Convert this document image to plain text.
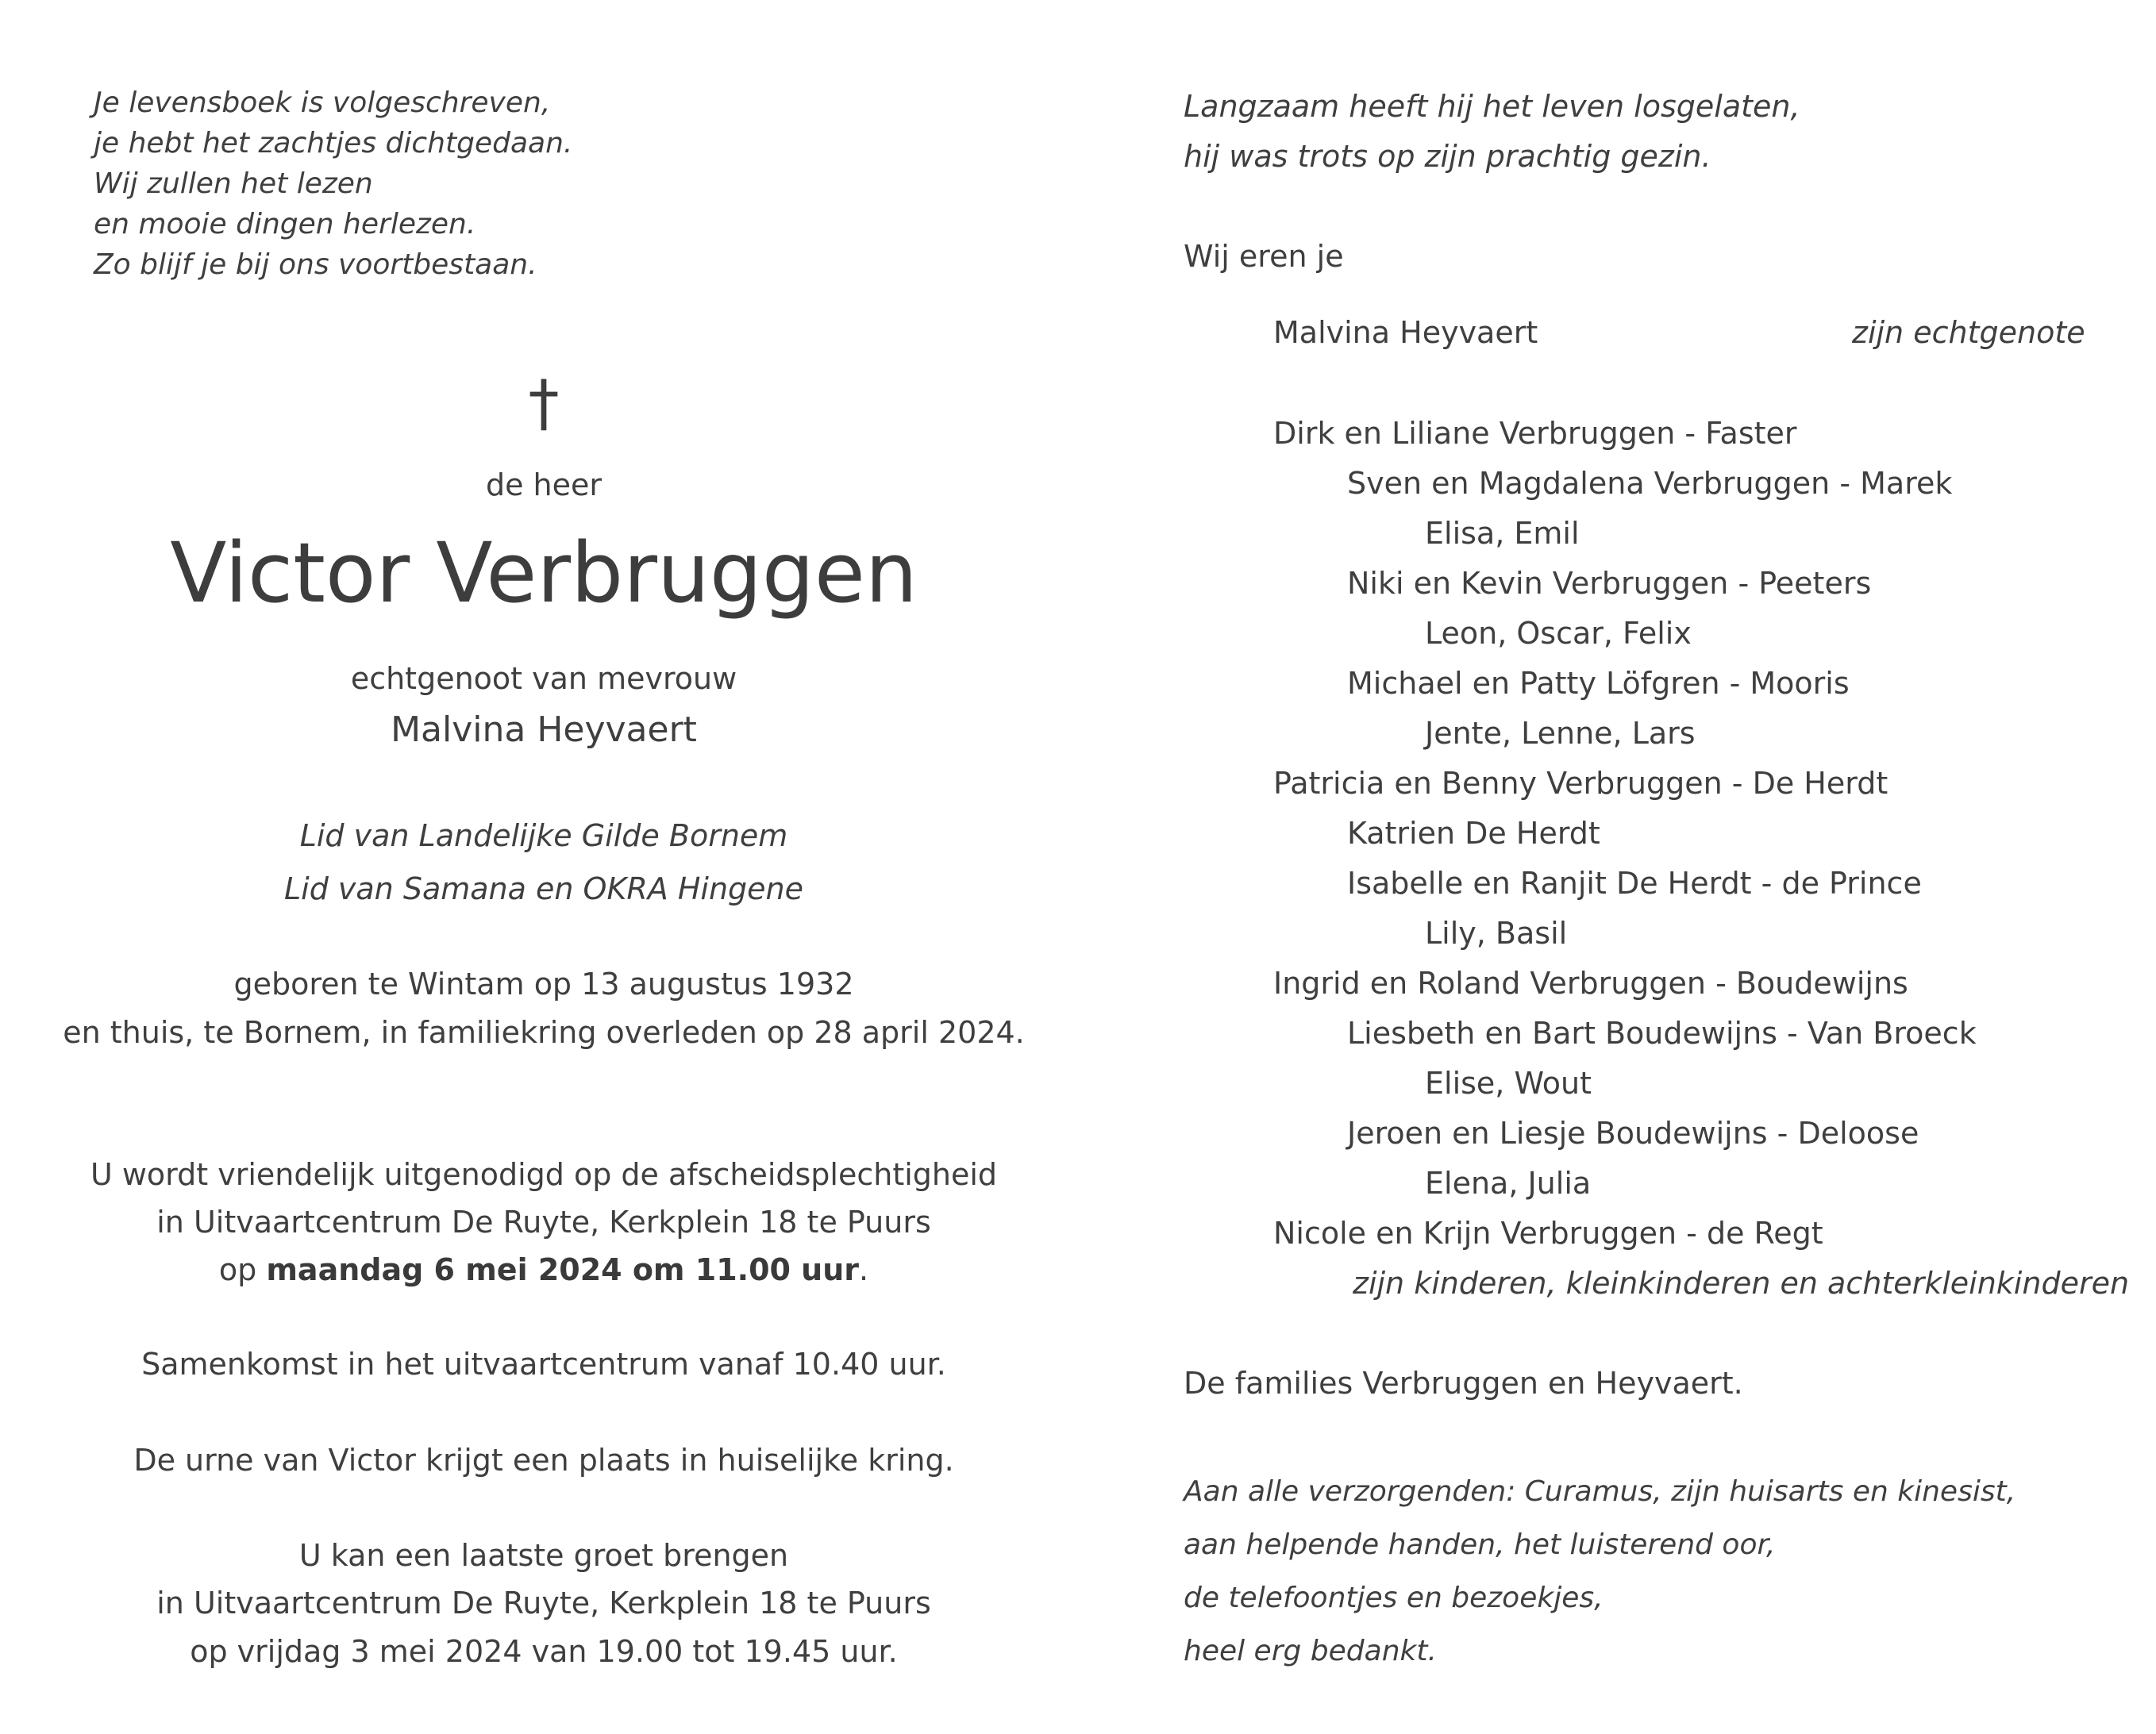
Je levensboek is volgeschreven,
je hebt het zachtjes dichtgedaan.
Wij zullen het lezen
en mooie dingen herlezen.
Zo blijf je bij ons voortbestaan.
†
de heer
Victor Verbruggen
echtgenoot van mevrouw
Malvina Heyvaert
Lid van Landelijke Gilde Bornem
Lid van Samana en OKRA Hingene
geboren te Wintam op 13 augustus 1932
en thuis, te Bornem, in familiekring overleden op 28 april 2024.
U wordt vriendelijk uitgenodigd op de afscheidsplechtigheid
in Uitvaartcentrum De Ruyte, Kerkplein 18 te Puurs
op maandag 6 mei 2024 om 11.00 uur.
Samenkomst in het uitvaartcentrum vanaf 10.40 uur.
De urne van Victor krijgt een plaats in huiselijke kring.
U kan een laatste groet brengen
in Uitvaartcentrum De Ruyte, Kerkplein 18 te Puurs
op vrijdag 3 mei 2024 van 19.00 tot 19.45 uur.
Langzaam heeft hij het leven losgelaten,
hij was trots op zijn prachtig gezin.
Wij eren je
Malvina Heyvaert	zijn echtgenote
Dirk en Liliane Verbruggen - Faster
Sven en Magdalena Verbruggen - Marek
Elisa, Emil
Niki en Kevin Verbruggen - Peeters
Leon, Oscar, Felix
Michael en Patty Löfgren - Mooris
Jente, Lenne, Lars
Patricia en Benny Verbruggen - De Herdt
Katrien De Herdt
Isabelle en Ranjit De Herdt - de Prince
Lily, Basil
Ingrid en Roland Verbruggen - Boudewijns
Liesbeth en Bart Boudewijns - Van Broeck
Elise, Wout
Jeroen en Liesje Boudewijns - Deloose
Elena, Julia
Nicole en Krijn Verbruggen - de Regt
zijn kinderen, kleinkinderen en achterkleinkinderen
De families Verbruggen en Heyvaert.
Aan alle verzorgenden: Curamus, zijn huisarts en kinesist,
aan helpende handen, het luisterend oor,
de telefoontjes en bezoekjes,
heel erg bedankt.
